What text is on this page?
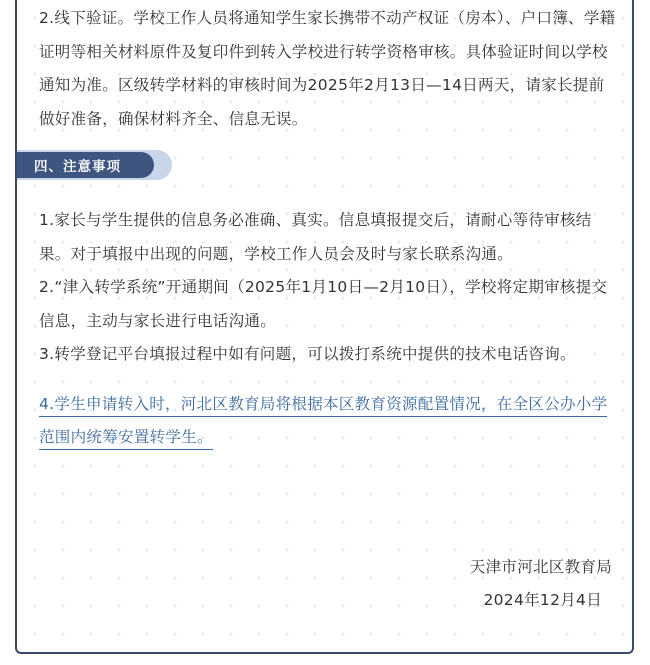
2.线下验证。学校工作人员将通知学生家长携带不动产权证（房本）、户口簿、学籍证明等相关材料原件及复印件到转入学校进行转学资格审核。具体验证时间以学校通知为准。区级转学材料的审核时间为2025年2月13日—14日两天，请家长提前做好准备，确保材料齐全、信息无误。

四、注意事项

1.家长与学生提供的信息务必准确、真实。信息填报提交后，请耐心等待审核结果。对于填报中出现的问题，学校工作人员会及时与家长联系沟通。
2.“津入转学系统”开通期间（2025年1月10日—2月10日），学校将定期审核提交信息，主动与家长进行电话沟通。
3.转学登记平台填报过程中如有问题，可以拨打系统中提供的技术电话咨询。

4.学生申请转入时，河北区教育局将根据本区教育资源配置情况，在全区公办小学范围内统筹安置转学生。

天津市河北区教育局
2024年12月4日
